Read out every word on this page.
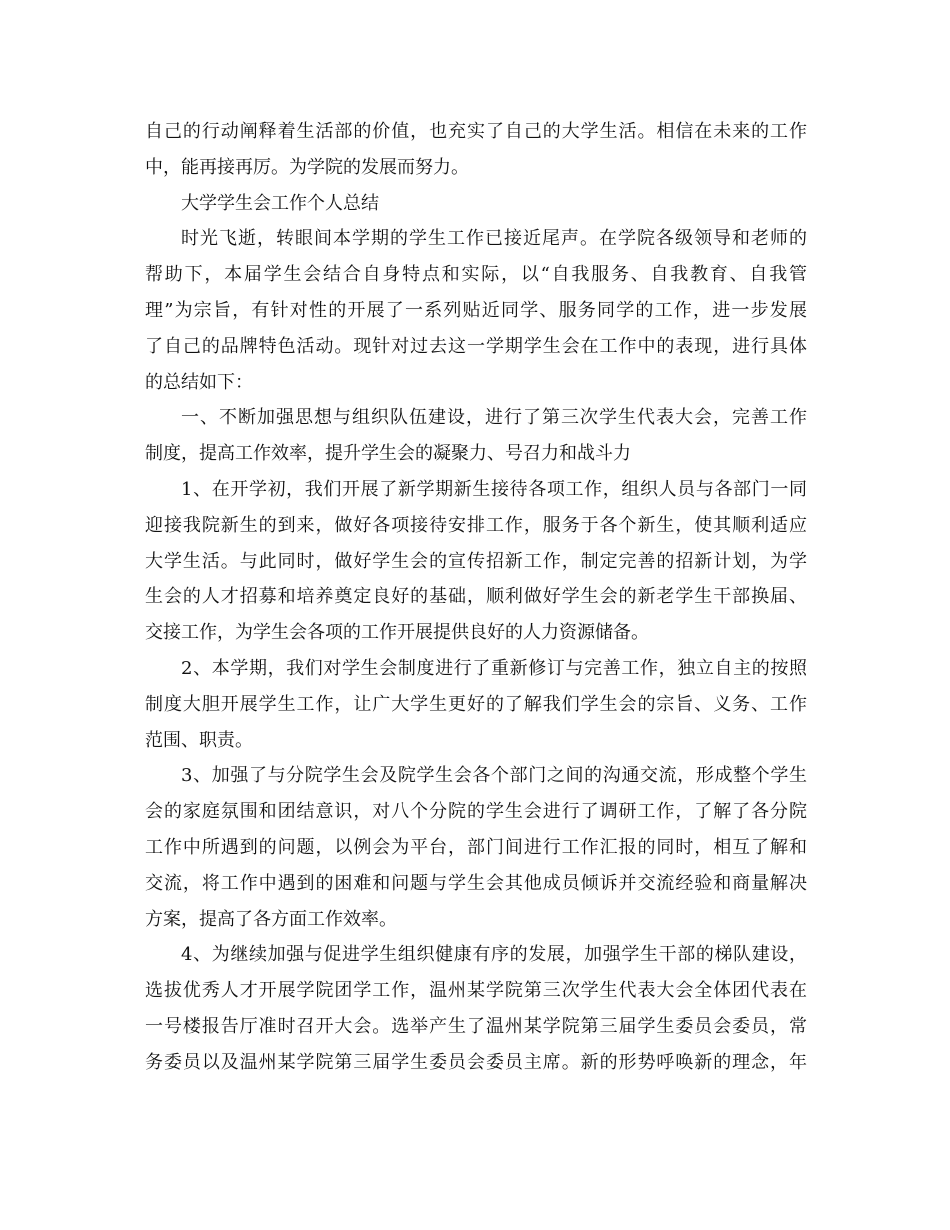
自己的行动阐释着生活部的价值，也充实了自己的大学生活。相信在未来的工作
中，能再接再厉。为学院的发展而努力。
大学学生会工作个人总结
时光飞逝，转眼间本学期的学生工作已接近尾声。在学院各级领导和老师的
帮助下，本届学生会结合自身特点和实际，以“自我服务、自我教育、自我管
理”为宗旨，有针对性的开展了一系列贴近同学、服务同学的工作，进一步发展
了自己的品牌特色活动。现针对过去这一学期学生会在工作中的表现，进行具体
的总结如下：
一、不断加强思想与组织队伍建设，进行了第三次学生代表大会，完善工作
制度，提高工作效率，提升学生会的凝聚力、号召力和战斗力
1、在开学初，我们开展了新学期新生接待各项工作，组织人员与各部门一同
迎接我院新生的到来，做好各项接待安排工作，服务于各个新生，使其顺利适应
大学生活。与此同时，做好学生会的宣传招新工作，制定完善的招新计划，为学
生会的人才招募和培养奠定良好的基础，顺利做好学生会的新老学生干部换届、
交接工作，为学生会各项的工作开展提供良好的人力资源储备。
2、本学期，我们对学生会制度进行了重新修订与完善工作，独立自主的按照
制度大胆开展学生工作，让广大学生更好的了解我们学生会的宗旨、义务、工作
范围、职责。
3、加强了与分院学生会及院学生会各个部门之间的沟通交流，形成整个学生
会的家庭氛围和团结意识，对八个分院的学生会进行了调研工作，了解了各分院
工作中所遇到的问题，以例会为平台，部门间进行工作汇报的同时，相互了解和
交流，将工作中遇到的困难和问题与学生会其他成员倾诉并交流经验和商量解决
方案，提高了各方面工作效率。
4、为继续加强与促进学生组织健康有序的发展，加强学生干部的梯队建设，
选拔优秀人才开展学院团学工作，温州某学院第三次学生代表大会全体团代表在
一号楼报告厅准时召开大会。选举产生了温州某学院第三届学生委员会委员，常
务委员以及温州某学院第三届学生委员会委员主席。新的形势呼唤新的理念，年
